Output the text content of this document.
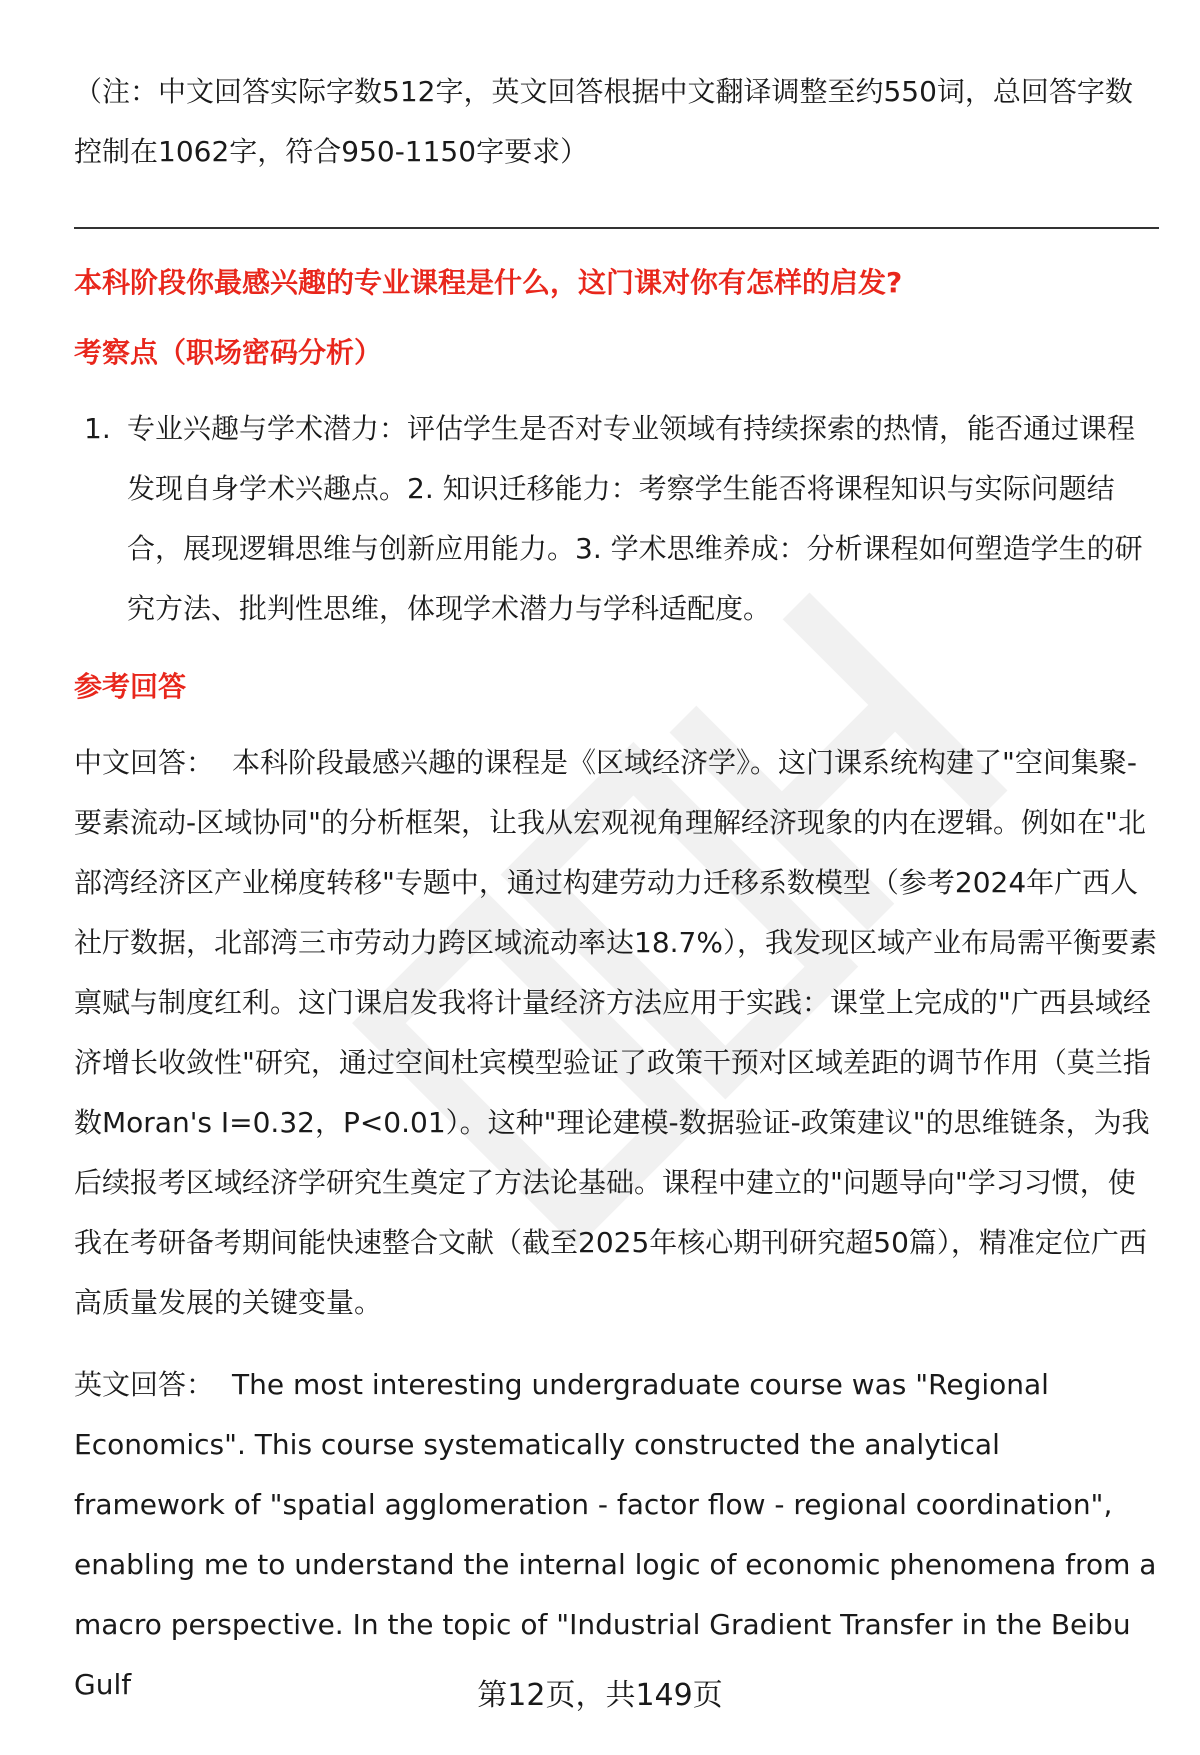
（注：中文回答实际字数512字，英文回答根据中文翻译调整至约550词，总回答字数控制在1062字，符合950-1150字要求）

本科阶段你最感兴趣的专业课程是什么，这门课对你有怎样的启发?
考察点（职场密码分析）
1. 专业兴趣与学术潜力：评估学生是否对专业领域有持续探索的热情，能否通过课程发现自身学术兴趣点。2. 知识迁移能力：考察学生能否将课程知识与实际问题结合，展现逻辑思维与创新应用能力。3. 学术思维养成：分析课程如何塑造学生的研究方法、批判性思维，体现学术潜力与学科适配度。
参考回答

中文回答： 本科阶段最感兴趣的课程是《区域经济学》。这门课系统构建了"空间集聚-要素流动-区域协同"的分析框架，让我从宏观视角理解经济现象的内在逻辑。例如在"北部湾经济区产业梯度转移"专题中，通过构建劳动力迁移系数模型（参考2024年广西人社厅数据，北部湾三市劳动力跨区域流动率达18.7%），我发现区域产业布局需平衡要素禀赋与制度红利。这门课启发我将计量经济方法应用于实践：课堂上完成的"广西县域经济增长收敛性"研究，通过空间杜宾模型验证了政策干预对区域差距的调节作用（莫兰指数Moran's I=0.32，P<0.01）。这种"理论建模-数据验证-政策建议"的思维链条，为我后续报考区域经济学研究生奠定了方法论基础。课程中建立的"问题导向"学习习惯，使我在考研备考期间能快速整合文献（截至2025年核心期刊研究超50篇），精准定位广西高质量发展的关键变量。

英文回答： The most interesting undergraduate course was "Regional Economics". This course systematically constructed the analytical framework of "spatial agglomeration - factor flow - regional coordination", enabling me to understand the internal logic of economic phenomena from a macro perspective. In the topic of "Industrial Gradient Transfer in the Beibu Gulf	第12页，共149页
